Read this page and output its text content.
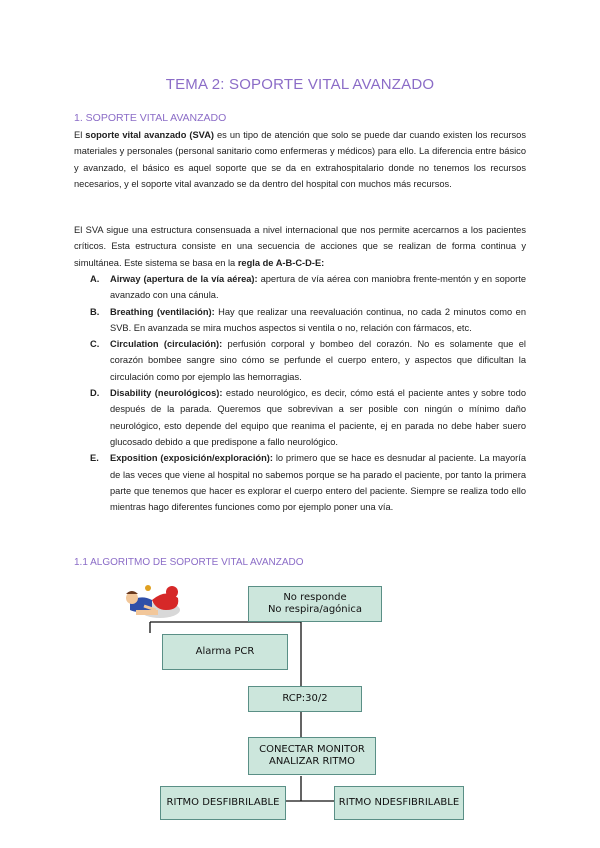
TEMA 2: SOPORTE VITAL AVANZADO
1. SOPORTE VITAL AVANZADO
El soporte vital avanzado (SVA) es un tipo de atención que solo se puede dar cuando existen los recursos materiales y personales (personal sanitario como enfermeras y médicos) para ello. La diferencia entre básico y avanzado, el básico es aquel soporte que se da en extrahospitalario donde no tenemos los recursos necesarios, y el soporte vital avanzado se da dentro del hospital con muchos más recursos.
El SVA sigue una estructura consensuada a nivel internacional que nos permite acercarnos a los pacientes críticos. Esta estructura consiste en una secuencia de acciones que se realizan de forma continua y simultánea. Este sistema se basa en la regla de A-B-C-D-E:
A. Airway (apertura de la vía aérea): apertura de vía aérea con maniobra frente-mentón y en soporte avanzado con una cánula.
B. Breathing (ventilación): Hay que realizar una reevaluación continua, no cada 2 minutos como en SVB. En avanzada se mira muchos aspectos si ventila o no, relación con fármacos, etc.
C. Circulation (circulación): perfusión corporal y bombeo del corazón. No es solamente que el corazón bombee sangre sino cómo se perfunde el cuerpo entero, y aspectos que dificultan la circulación como por ejemplo las hemorragias.
D. Disability (neurológicos): estado neurológico, es decir, cómo está el paciente antes y sobre todo después de la parada. Queremos que sobrevivan a ser posible con ningún o mínimo daño neurológico, esto depende del equipo que reanima el paciente, ej en parada no debe haber suero glucosado debido a que predispone a fallo neurológico.
E. Exposition (exposición/exploración): lo primero que se hace es desnudar al paciente. La mayoría de las veces que viene al hospital no sabemos porque se ha parado el paciente, por tanto la primera parte que tenemos que hacer es explorar el cuerpo entero del paciente. Siempre se realiza todo ello mientras hago diferentes funciones como por ejemplo poner una vía.
1.1 ALGORITMO DE SOPORTE VITAL AVANZADO
No responde
No respira/agónica
Alarma PCR
RCP:30/2
CONECTAR MONITOR
ANALIZAR RITMO
RITMO DESFIBRILABLE	RITMO NDESFIBRILABLE
